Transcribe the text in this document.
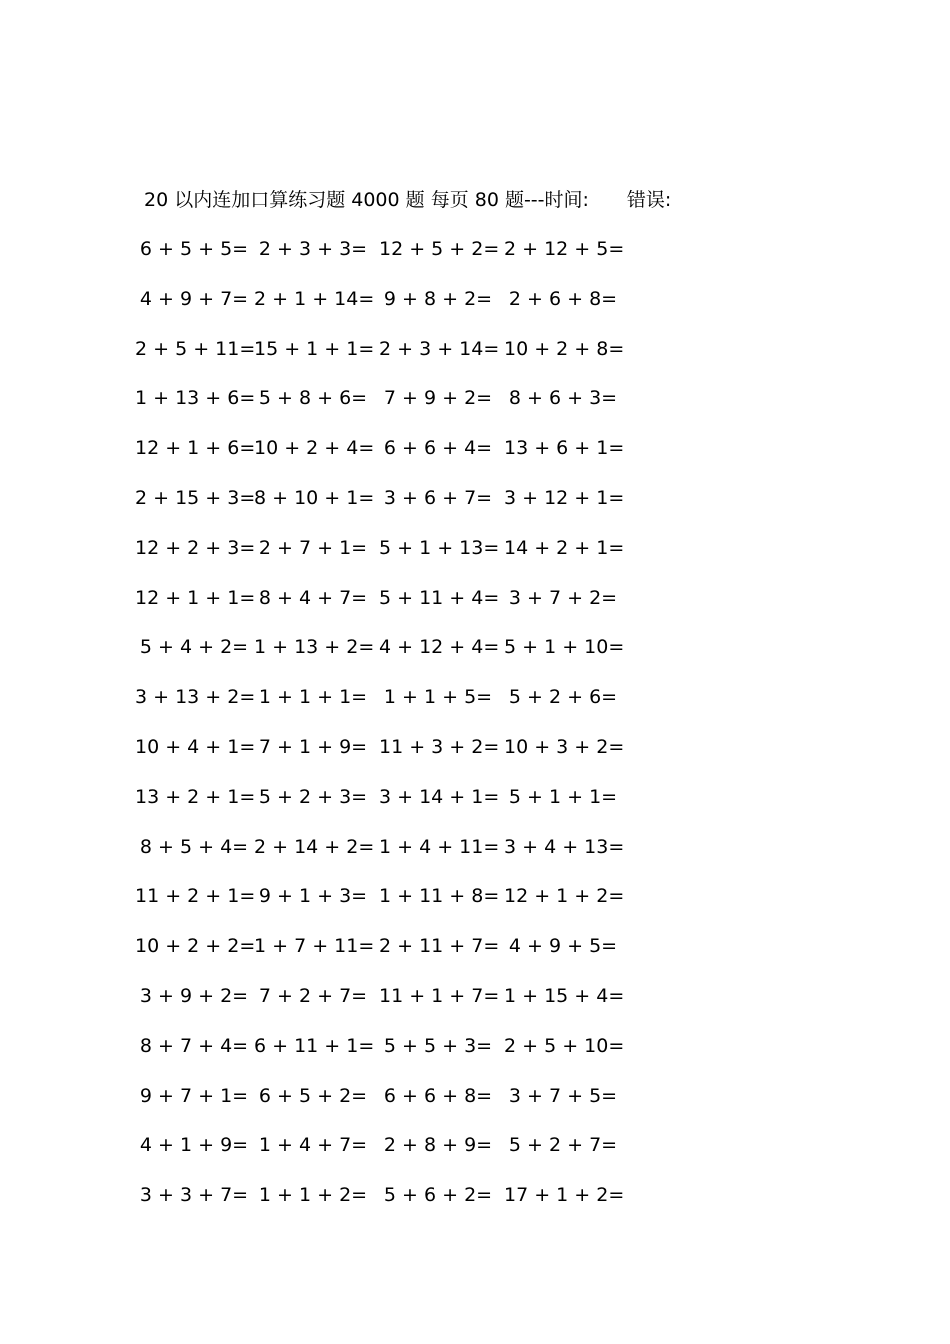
20 以内连加口算练习题 4000 题 每页 80 题---时间: 错误:
6 + 5 + 5= 2 + 3 + 3= 12 + 5 + 2= 2 + 12 + 5=
4 + 9 + 7= 2 + 1 + 14= 9 + 8 + 2= 2 + 6 + 8=
2 + 5 + 11=
15 + 1 + 1= 2 + 3 + 14= 10 + 2 + 8=
1 + 13 + 6= 5 + 8 + 6= 7 + 9 + 2= 8 + 6 + 3=
12 + 1 + 6=
10 + 2 + 4= 6 + 6 + 4= 13 + 6 + 1=
2 + 15 + 3=
8 + 10 + 1= 3 + 6 + 7= 3 + 12 + 1=
12 + 2 + 3= 2 + 7 + 1= 5 + 1 + 13= 14 + 2 + 1=
12 + 1 + 1= 8 + 4 + 7= 5 + 11 + 4= 3 + 7 + 2=
5 + 4 + 2= 1 + 13 + 2= 4 + 12 + 4= 5 + 1 + 10=
3 + 13 + 2= 1 + 1 + 1= 1 + 1 + 5= 5 + 2 + 6=
10 + 4 + 1= 7 + 1 + 9= 11 + 3 + 2= 10 + 3 + 2=
13 + 2 + 1= 5 + 2 + 3= 3 + 14 + 1= 5 + 1 + 1=
8 + 5 + 4= 2 + 14 + 2= 1 + 4 + 11= 3 + 4 + 13=
11 + 2 + 1= 9 + 1 + 3= 1 + 11 + 8= 12 + 1 + 2=
10 + 2 + 2=
1 + 7 + 11= 2 + 11 + 7= 4 + 9 + 5=
3 + 9 + 2= 7 + 2 + 7= 11 + 1 + 7= 1 + 15 + 4=
8 + 7 + 4= 6 + 11 + 1= 5 + 5 + 3= 2 + 5 + 10=
9 + 7 + 1= 6 + 5 + 2= 6 + 6 + 8= 3 + 7 + 5=
4 + 1 + 9= 1 + 4 + 7= 2 + 8 + 9= 5 + 2 + 7=
3 + 3 + 7= 1 + 1 + 2= 5 + 6 + 2= 17 + 1 + 2=
